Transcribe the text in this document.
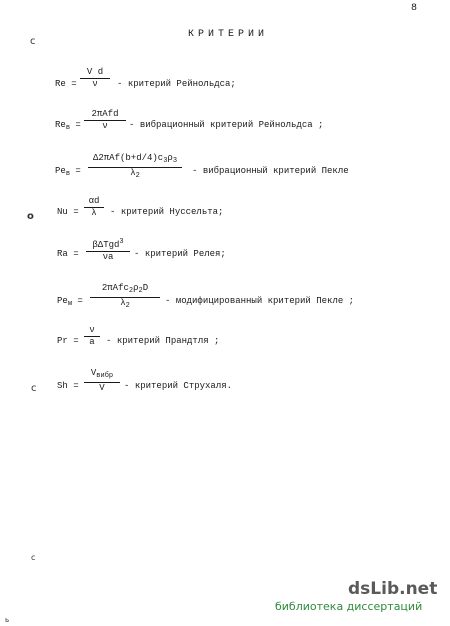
8
КРИТЕРИИ
с
о
с
с
ь
Re =
V d
ν	- критерий Рейнольдса;
$Re_в$ =
2πAfd
ν	- вибрационный критерий Рейнольдса ;
$Pe_в$ =
$\Delta 2\pi Af(b+d/4)c_3\rho_3$
$\lambda_2$	- вибрационный критерий Пекле
Nu =
αd
λ	- критерий Нуссельта;
Ra =
βΔTgd$^3$
νa	- критерий Релея;
$Pe_м$ =
$2\pi Afc_2\rho_2D$
$\lambda_2$	- модифицированный критерий Пекле ;
Pr =
ν
a	- критерий Прандтля ;
Sh =
$V_{вибр}$
V	- критерий Струхаля.
dsLib.net
библиотека диссертаций
